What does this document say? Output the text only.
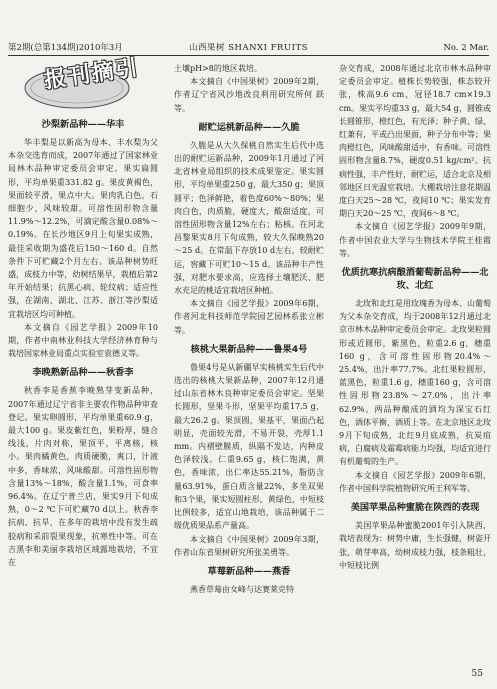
第2期(总第134期)2010年3月	山西果树 SHANXI FRUITS	No. 2 Mar.
报刊摘引
沙梨新品种——华丰

华丰梨是以新高为母本、丰水梨为父本杂交选育而成，2007年通过了国家林业局林木品种审定委员会审定。果实扁圆形，平均单果重331.82 g。果皮黄褐色，果面较平滑，果点中大。果肉乳白色，石细胞少，风味较甜。可溶性固形物含量11.9%～12.2%，可滴定酸含量0.08%～0.19%。在长沙地区9月上旬果实成熟，最佳采收期为盛花后150～160 d。自然条件下可贮藏2个月左右。该品种树势旺盛，成枝力中等，幼树结果早，栽植后第2年开始结果；抗黑心病、轮纹病；适应性强，在湖南、湖北、江苏、浙江等沙梨适宜栽培区均可种植。

本文摘自《园艺学报》2009年10期，作者中南林业科技大学经济林育种与栽培国家林业局重点实验室袁德义等。

李晚熟新品种——秋香李

秋香李是香蕉李晚熟芽变新品种，2007年通过辽宁省非主要农作物品种审查登记。果实卵圆形，平均单果重60.9 g，最大100 g。果皮紫红色，果粉厚，缝合线浅，片肉对称，果顶平，平离核，核小。果肉橘黄色，肉质硬脆，爽口，汁液中多，香味浓，风味酸甜。可溶性固形物含量13%～18%，酸含量1.1%，可食率96.4%。在辽宁普兰店，果实9月下旬成熟，0～2 ℃下可贮藏70 d以上。秋香李抗病、抗旱，在多年的栽培中没有发生疏胶病和采前裂果现象，抗寒性中等。可在吉黑李和美丽李栽培区域露地栽培，不宜在

土壤pH>8的地区栽培。

本文摘自《中国果树》2009年2期，作者辽宁省风沙地改良利用研究所何 跃等。

耐贮运桃新品种——久脆

久脆是从大久保桃自然实生后代中选出的耐贮运新品种，2009年1月通过了河北省林业局组织的技术成果鉴定。果实圆形，平均单果重250 g，最大350 g；果顶圆平；色泽鲜艳，着色度60%～80%；果肉白色，肉质脆，硬度大，酸甜适度，可溶性固形物含量12%左右；粘核。在河北昌黎果实8月下旬成熟，较大久保晚熟20～25 d。在常温下存放10 d左右，较耐贮运，窖藏下可贮10～15 d。该品种丰产性强，对肥水要求高，应选择土壤肥沃、肥水充足的桃适宜栽培区种植。

本文摘自《园艺学报》2009年6期，作者河北科技师范学院园艺园林系张立彬等。

核桃大果新品种——鲁果4号

鲁果4号是从新疆早实核桃实生后代中选出的核桃大果新品种，2007年12月通过山东省林木良种审定委员会审定。坚果长圆形，坚果斗形，坚果平均重17.5 g，最大26.2 g。果顶圆，果基平，果面凸起明显，壳面较光滑，不易开裂，壳厚1.1 mm。内褶壁膜质，纵隔不发达，内种皮色泽较浅。仁重9.65 g，核仁饱满，黄色，香味浓，出仁率达55.21%，脂肪含量63.91%，蛋白质含量22%，多坐双果和3个果，果实短圆柱形，黄绿色，中短枝比例较多，适宜山地栽培，该品种属于二级优质果品系产量高。

本文摘自《中国果树》2009年3期，作者山东省果树研究所张美勇等。

草莓新品种——燕香

燕香草莓由女峰与达赛莱克特

杂交育成，2008年通过北京市林木品种审定委员会审定。植株长势较强，株态较开张，株高9.6 cm，冠径18.7 cm×19.3 cm。果实平均重33 g，最大54 g，圆锥或长圆锥形，橙红色，有光泽；种子黄、绿、红兼有，平或凸出果面，种子分布中等；果肉橙红色，风味酸甜适中，有香味。可溶性固形物含量8.7%，硬度0.51 kg/cm²。抗病性强，丰产性好，耐贮运，适合北京及相邻地区日光温室栽培。大棚栽培注意花期温度白天25～28 ℃，夜间10 ℃；果实发育期白天20～25 ℃，夜间6～8 ℃。

本文摘自《园艺学报》2009年9期，作者中国农业大学与生物技术学院王桂霞等。

优质抗寒抗病酿酒葡萄新品种——北玫、北红

北玫和北红是用玫瑰香为母本、山葡萄为父本杂交育成，均于2008年12月通过北京市林木品种审定委员会审定。北玫果粒圆形或近圆形，紫黑色，粒重2.6 g，穗重160 g，含可溶性固形物20.4%～25.4%，出汁率77.7%。北红果粒圆形，蓝黑色，粒重1.6 g，穗重160 g，含可溶性固形物23.8%～27.0%，出汁率62.9%。两品种酿成的酒均为深宝石红色，酒体平衡，酒质上等。在北京地区北玫9月下旬成熟，北红9月底成熟，抗炭疽病，白腐病及霜霉病能力均强，均适宜进行有机葡萄的生产。

本文摘自《园艺学报》2009年6期，作者中国科学院植物研究所王利军等。

美国苹果品种蜜脆在陕西的表现

美国苹果品种蜜脆2001年引入陕西，栽培表现为：树势中庸，生长强健，树姿开张，萌芽率高，幼树成枝力强，枝条粗壮，中短枝比例

55
